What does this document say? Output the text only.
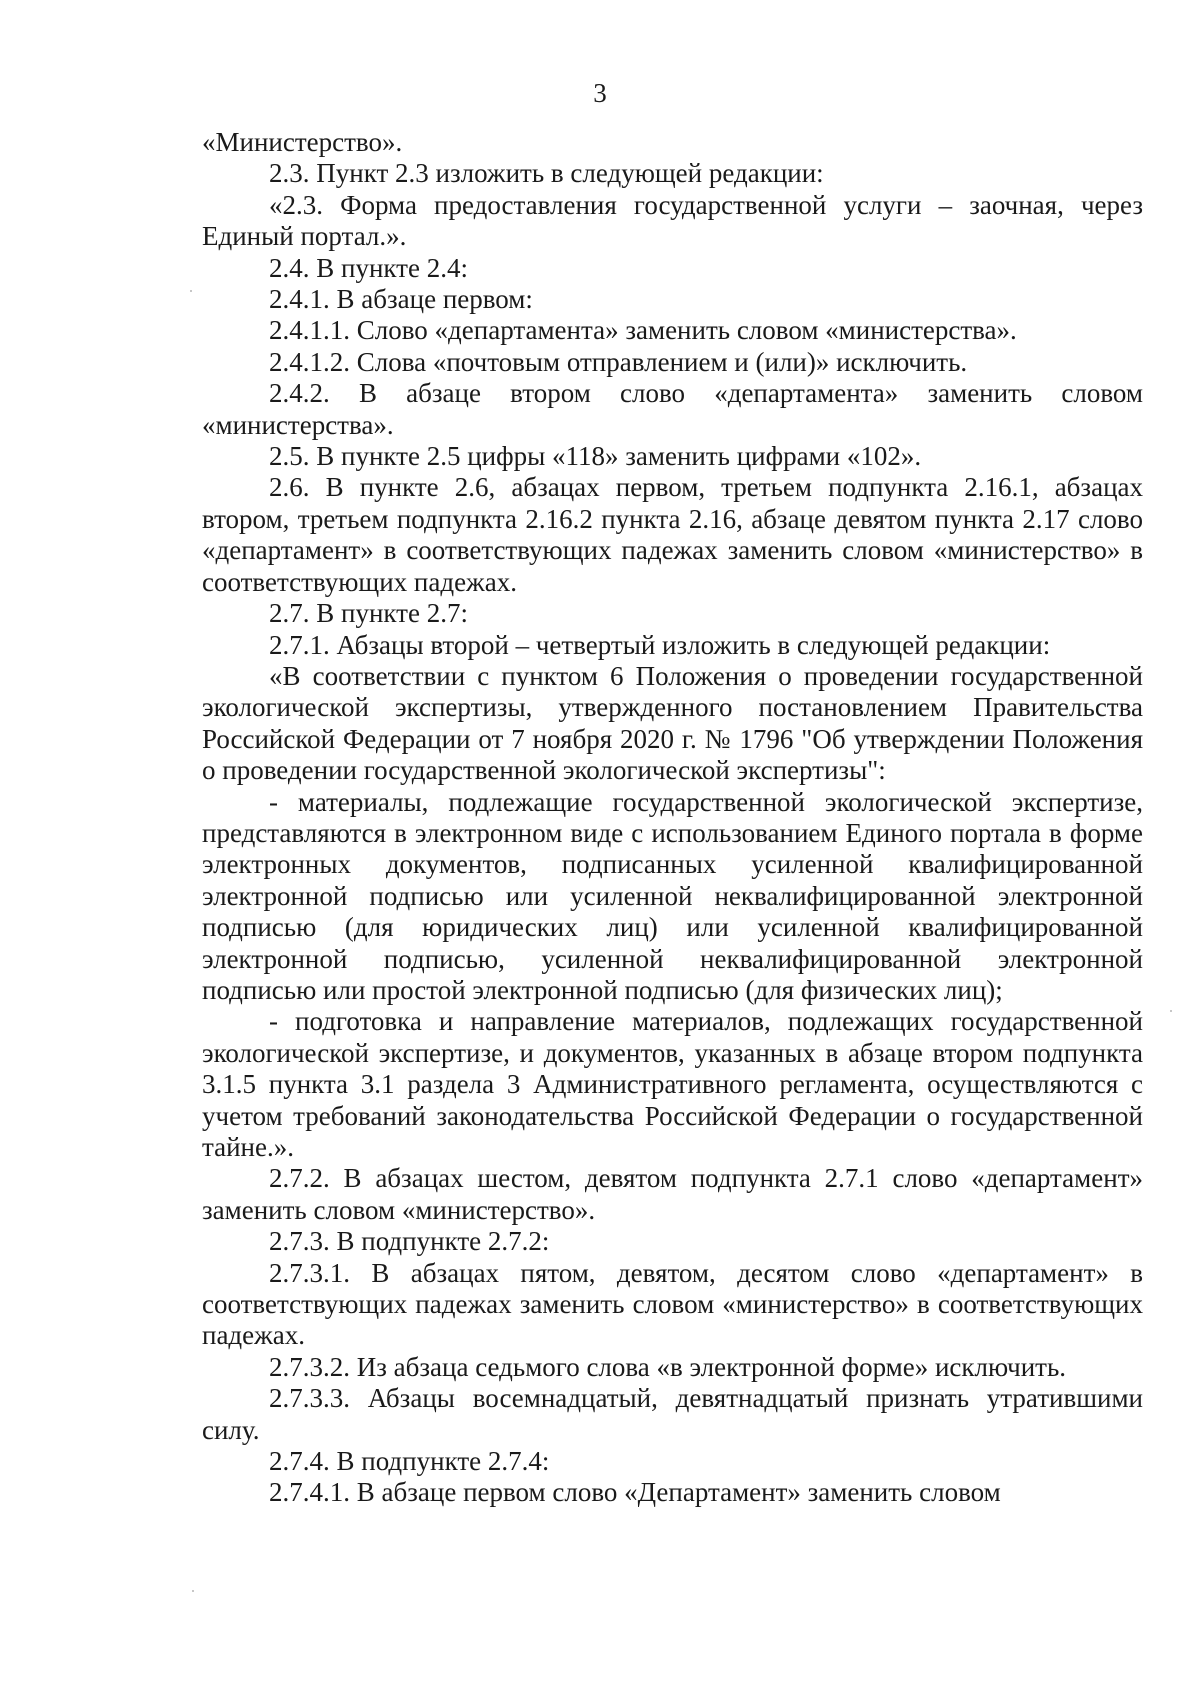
3

«Министерство».

2.3. Пункт 2.3 изложить в следующей редакции:

«2.3. Форма предоставления государственной услуги – заочная, через Единый портал.».

2.4. В пункте 2.4:

2.4.1. В абзаце первом:

2.4.1.1. Слово «департамента» заменить словом «министерства».

2.4.1.2. Слова «почтовым отправлением и (или)» исключить.

2.4.2. В абзаце втором слово «департамента» заменить словом «министерства».

2.5. В пункте 2.5 цифры «118» заменить цифрами «102».

2.6. В пункте 2.6, абзацах первом, третьем подпункта 2.16.1, абзацах втором, третьем подпункта 2.16.2 пункта 2.16, абзаце девятом пункта 2.17 слово «департамент» в соответствующих падежах заменить словом «министерство» в соответствующих падежах.

2.7. В пункте 2.7:

2.7.1. Абзацы второй – четвертый изложить в следующей редакции:

«В соответствии с пунктом 6 Положения о проведении государственной экологической экспертизы, утвержденного постановлением Правительства Российской Федерации от 7 ноября 2020 г. № 1796 "Об утверждении Положения о проведении государственной экологической экспертизы":

- материалы, подлежащие государственной экологической экспертизе, представляются в электронном виде с использованием Единого портала в форме электронных документов, подписанных усиленной квалифицированной электронной подписью или усиленной неквалифицированной электронной подписью (для юридических лиц) или усиленной квалифицированной электронной подписью, усиленной неквалифицированной электронной подписью или простой электронной подписью (для физических лиц);

- подготовка и направление материалов, подлежащих государственной экологической экспертизе, и документов, указанных в абзаце втором подпункта 3.1.5 пункта 3.1 раздела 3 Административного регламента, осуществляются с учетом требований законодательства Российской Федерации о государственной тайне.».

2.7.2. В абзацах шестом, девятом подпункта 2.7.1 слово «департамент» заменить словом «министерство».

2.7.3. В подпункте 2.7.2:

2.7.3.1. В абзацах пятом, девятом, десятом слово «департамент» в соответствующих падежах заменить словом «министерство» в соответствующих падежах.

2.7.3.2. Из абзаца седьмого слова «в электронной форме» исключить.

2.7.3.3. Абзацы восемнадцатый, девятнадцатый признать утратившими силу.

2.7.4. В подпункте 2.7.4:

2.7.4.1. В абзаце первом слово «Департамент» заменить словом
